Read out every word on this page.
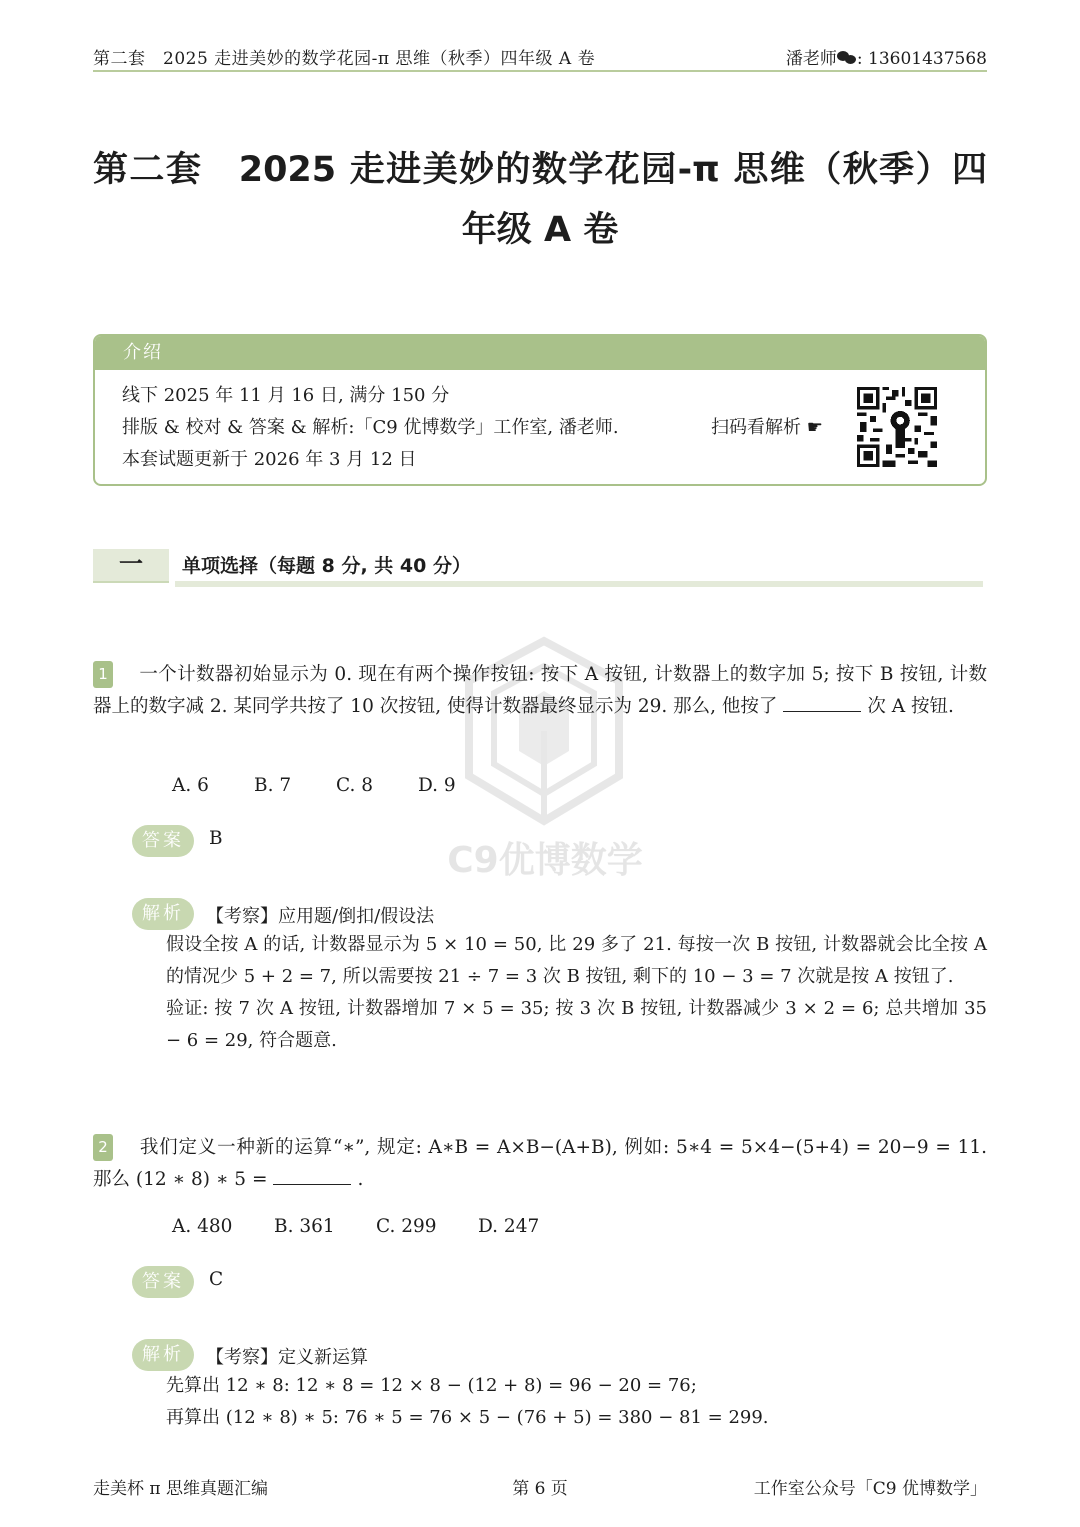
第二套　2025 走进美妙的数学花园-π 思维（秋季）四年级 A 卷	潘老师 : 13601437568
第二套　2025 走进美妙的数学花园-π 思维（秋季）四
年级 A 卷
介绍
线下 2025 年 11 月 16 日, 满分 150 分
排版 & 校对 & 答案 & 解析:「C9 优博数学」工作室, 潘老师.
本套试题更新于 2026 年 3 月 12 日
扫码看解析 ☛
一	单项选择（每题 8 分, 共 40 分）
C9优博数学
1 一个计数器初始显示为 0. 现在有两个操作按钮: 按下 A 按钮, 计数器上的数字加 5; 按下 B 按钮, 计数器上的数字减 2. 某同学共按了 10 次按钮, 使得计数器最终显示为 29. 那么, 他按了	次 A 按钮.
A. 6 B. 7 C. 8 D. 9
答案 B
解析 【考察】应用题/倒扣/假设法
假设全按 A 的话, 计数器显示为 5 × 10 = 50, 比 29 多了 21. 每按一次 B 按钮, 计数器就会比全按 A 的情况少 5 + 2 = 7, 所以需要按 21 ÷ 7 = 3 次 B 按钮, 剩下的 10 − 3 = 7 次就是按 A 按钮了.
验证: 按 7 次 A 按钮, 计数器增加 7 × 5 = 35; 按 3 次 B 按钮, 计数器减少 3 × 2 = 6; 总共增加 35 − 6 = 29, 符合题意.
2 我们定义一种新的运算“∗”, 规定: A∗B = A×B−(A+B), 例如: 5∗4 = 5×4−(5+4) = 20−9 = 11. 那么 (12 ∗ 8) ∗ 5 =	.
A. 480 B. 361 C. 299 D. 247
答案 C
解析 【考察】定义新运算
先算出 12 ∗ 8: 12 ∗ 8 = 12 × 8 − (12 + 8) = 96 − 20 = 76;
再算出 (12 ∗ 8) ∗ 5: 76 ∗ 5 = 76 × 5 − (76 + 5) = 380 − 81 = 299.
走美杯 π 思维真题汇编	第 6 页	工作室公众号「C9 优博数学」
